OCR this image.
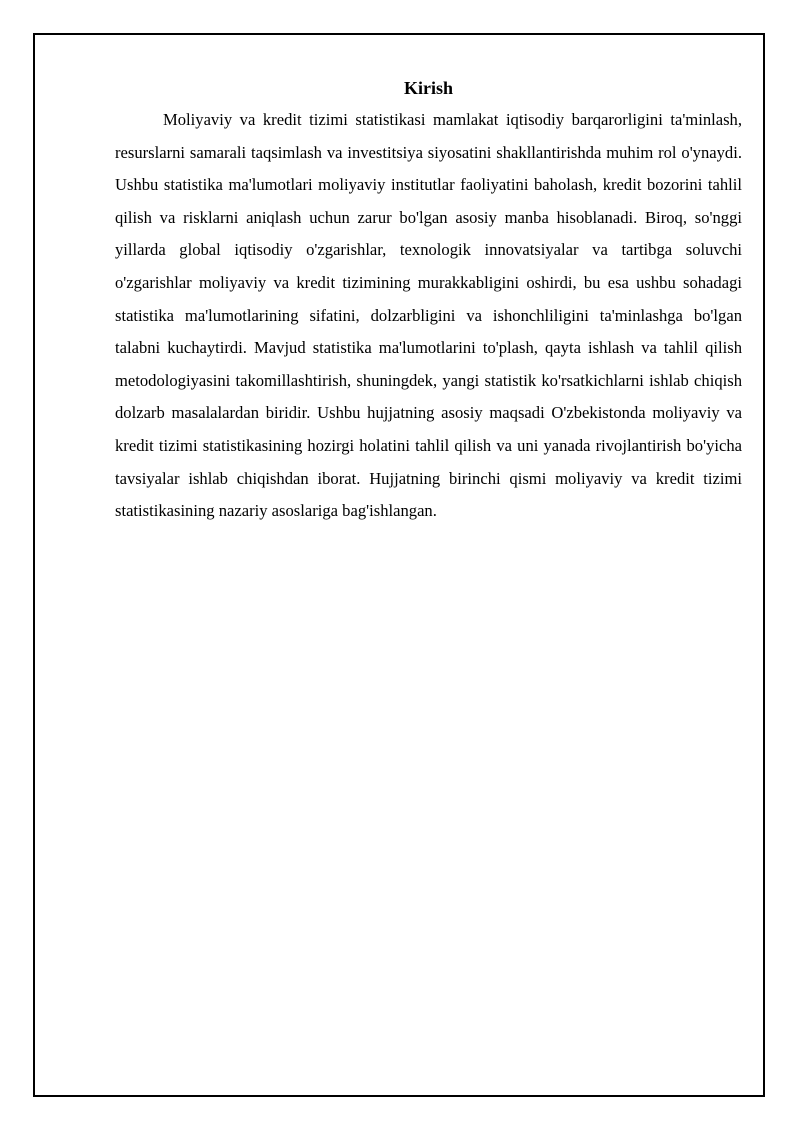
Kirish

Moliyaviy va kredit tizimi statistikasi mamlakat iqtisodiy barqarorligini ta'minlash, resurslarni samarali taqsimlash va investitsiya siyosatini shakllantirishda muhim rol o'ynaydi. Ushbu statistika ma'lumotlari moliyaviy institutlar faoliyatini baholash, kredit bozorini tahlil qilish va risklarni aniqlash uchun zarur bo'lgan asosiy manba hisoblanadi. Biroq, so'nggi yillarda global iqtisodiy o'zgarishlar, texnologik innovatsiyalar va tartibga soluvchi o'zgarishlar moliyaviy va kredit tizimining murakkabligini oshirdi, bu esa ushbu sohadagi statistika ma'lumotlarining sifatini, dolzarbligini va ishonchliligini ta'minlashga bo'lgan talabni kuchaytirdi. Mavjud statistika ma'lumotlarini to'plash, qayta ishlash va tahlil qilish metodologiyasini takomillashtirish, shuningdek, yangi statistik ko'rsatkichlarni ishlab chiqish dolzarb masalalardan biridir. Ushbu hujjatning asosiy maqsadi O'zbekistonda moliyaviy va kredit tizimi statistikasining hozirgi holatini tahlil qilish va uni yanada rivojlantirish bo'yicha tavsiyalar ishlab chiqishdan iborat. Hujjatning birinchi qismi moliyaviy va kredit tizimi statistikasining nazariy asoslariga bag'ishlangan.
